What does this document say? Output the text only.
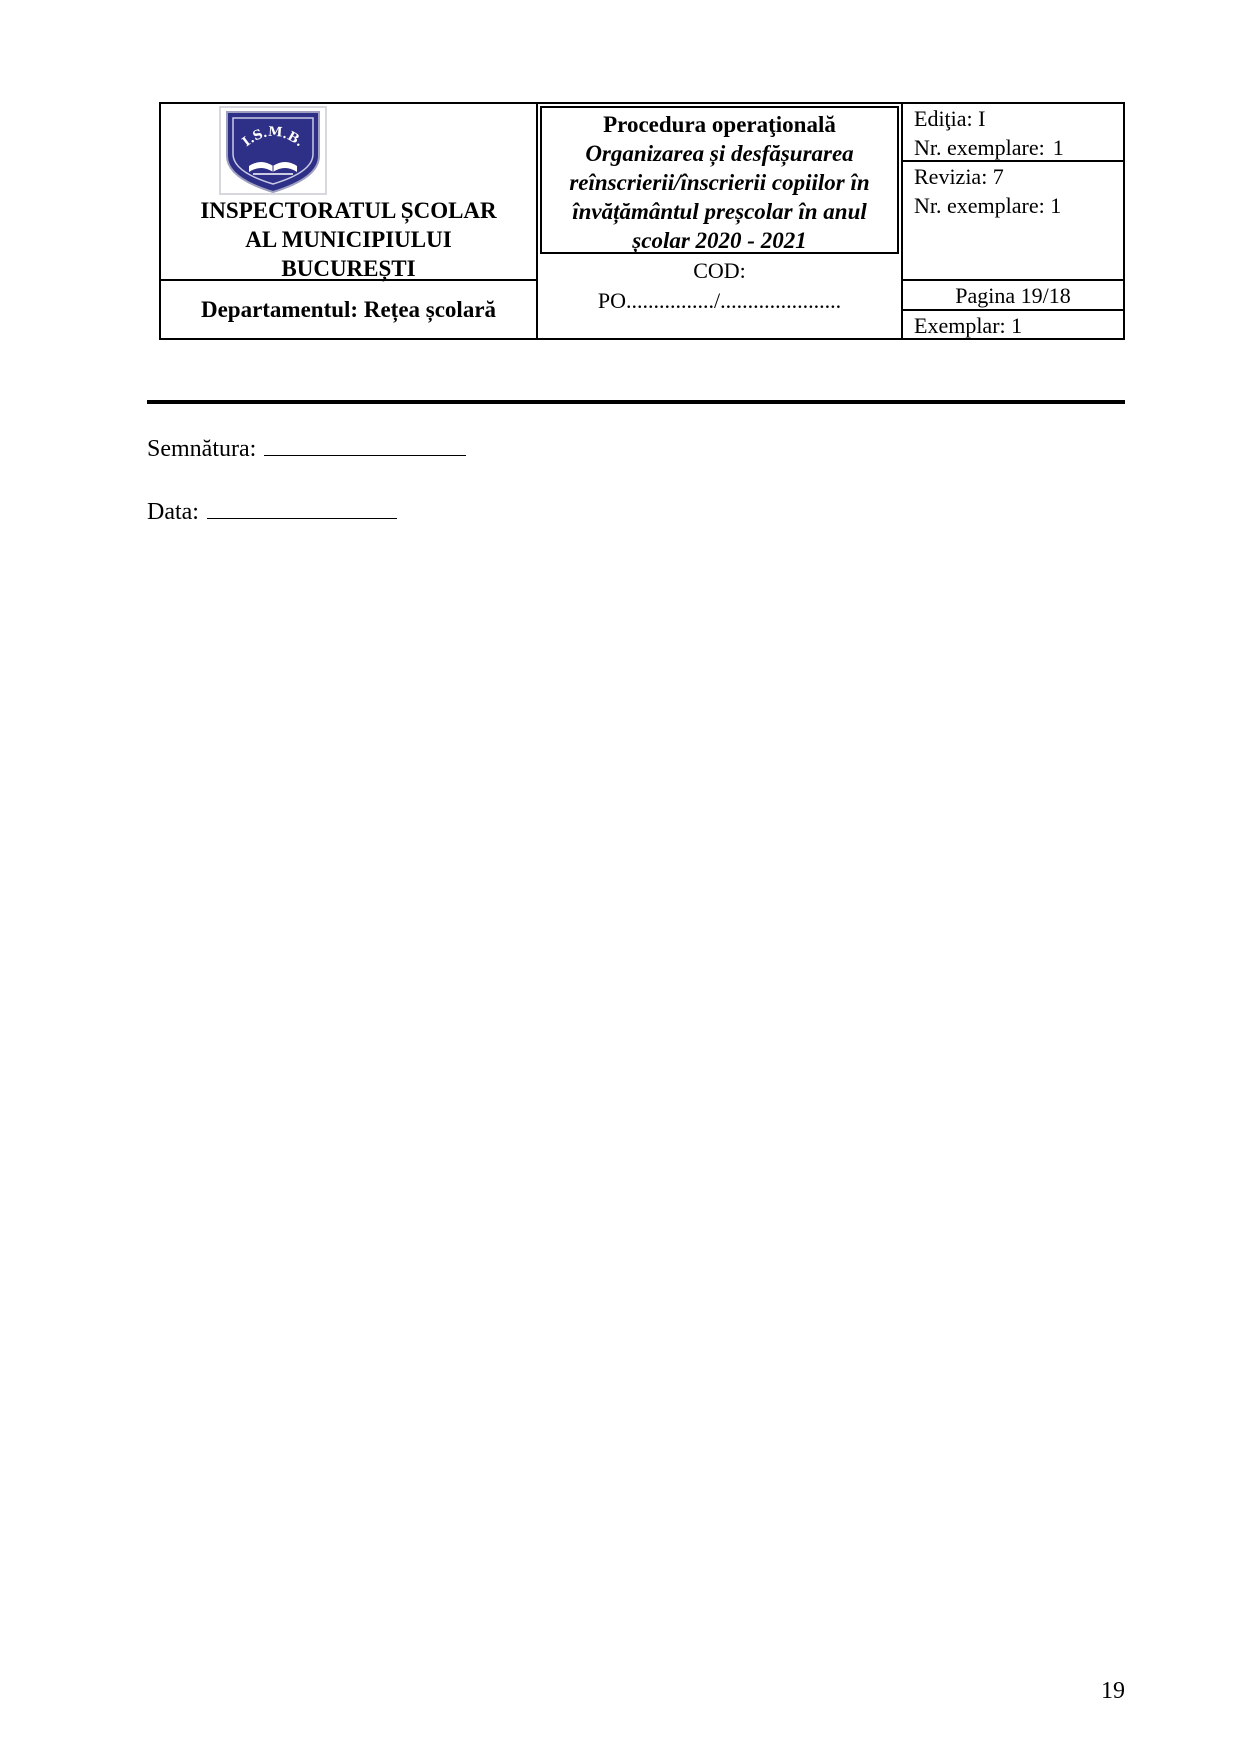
I.S.M.B.
INSPECTORATUL ȘCOLAR
AL MUNICIPIULUI
BUCUREȘTI
Departamentul: Rețea școlară
Procedura operaţională
Organizarea și desfășurarea
reînscrierii/înscrierii copiilor în
învățământul preșcolar în anul
școlar 2020 - 2021
COD:
PO................/......................
Ediţia: I
Nr. exemplare: 1
Revizia: 7
Nr. exemplare: 1
Pagina 19/18
Exemplar: 1
Semnătura:
Data:
19
